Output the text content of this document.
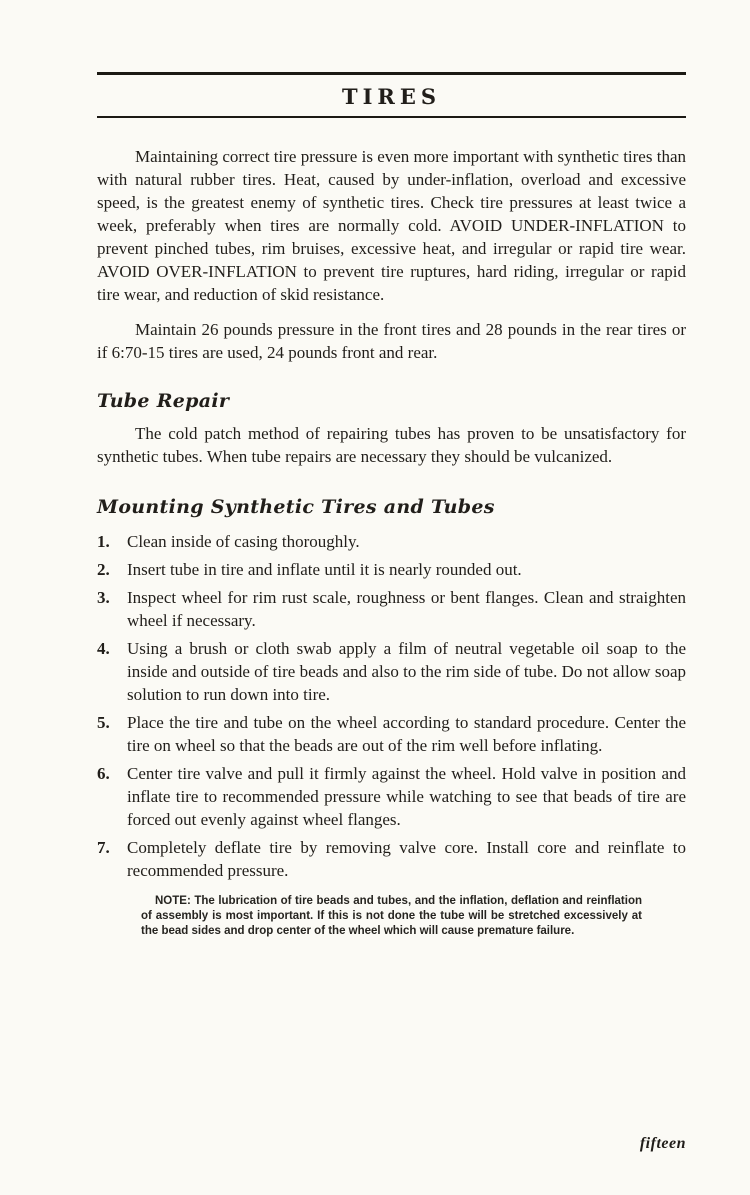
TIRES

Maintaining correct tire pressure is even more important with synthetic tires than with natural rubber tires. Heat, caused by under-inflation, overload and excessive speed, is the greatest enemy of synthetic tires. Check tire pressures at least twice a week, preferably when tires are normally cold. AVOID UNDER-INFLATION to prevent pinched tubes, rim bruises, excessive heat, and irregular or rapid tire wear. AVOID OVER-INFLATION to prevent tire ruptures, hard riding, irregular or rapid tire wear, and reduction of skid resistance.

Maintain 26 pounds pressure in the front tires and 28 pounds in the rear tires or if 6:70-15 tires are used, 24 pounds front and rear.

Tube Repair

The cold patch method of repairing tubes has proven to be unsatisfactory for synthetic tubes. When tube repairs are necessary they should be vulcanized.

Mounting Synthetic Tires and Tubes
1.	Clean inside of casing thoroughly.
2.	Insert tube in tire and inflate until it is nearly rounded out.
3.	Inspect wheel for rim rust scale, roughness or bent flanges. Clean and straighten wheel if necessary.
4.	Using a brush or cloth swab apply a film of neutral vegetable oil soap to the inside and outside of tire beads and also to the rim side of tube. Do not allow soap solution to run down into tire.
5.	Place the tire and tube on the wheel according to standard procedure. Center the tire on wheel so that the beads are out of the rim well before inflating.
6.	Center tire valve and pull it firmly against the wheel. Hold valve in position and inflate tire to recommended pressure while watching to see that beads of tire are forced out evenly against wheel flanges.
7.	Completely deflate tire by removing valve core. Install core and reinflate to recommended pressure.

NOTE: The lubrication of tire beads and tubes, and the inflation, deflation and reinflation of assembly is most important. If this is not done the tube will be stretched excessively at the bead sides and drop center of the wheel which will cause premature failure.

fifteen
